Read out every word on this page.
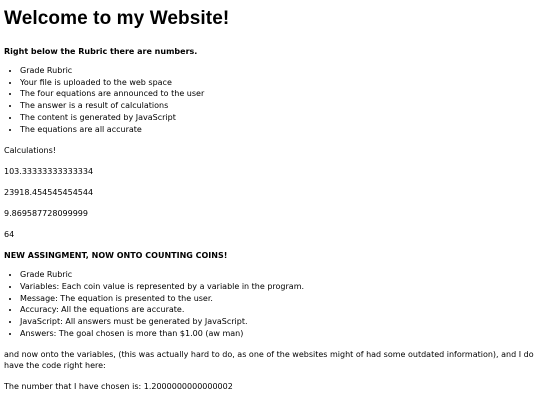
Welcome to my Website!

Right below the Rubric there are numbers.

• Grade Rubric
• Your file is uploaded to the web space
• The four equations are announced to the user
• The answer is a result of calculations
• The content is generated by JavaScript
• The equations are all accurate

Calculations!

103.33333333333334

23918.454545454544

9.869587728099999

64

NEW ASSINGMENT, NOW ONTO COUNTING COINS!

• Grade Rubric
• Variables: Each coin value is represented by a variable in the program.
• Message: The equation is presented to the user.
• Accuracy: All the equations are accurate.
• JavaScript: All answers must be generated by JavaScript.
• Answers: The goal chosen is more than $1.00 (aw man)

and now onto the variables, (this was actually hard to do, as one of the websites might of had some outdated information), and I do have the code right here:

The number that I have chosen is: 1.2000000000000002
